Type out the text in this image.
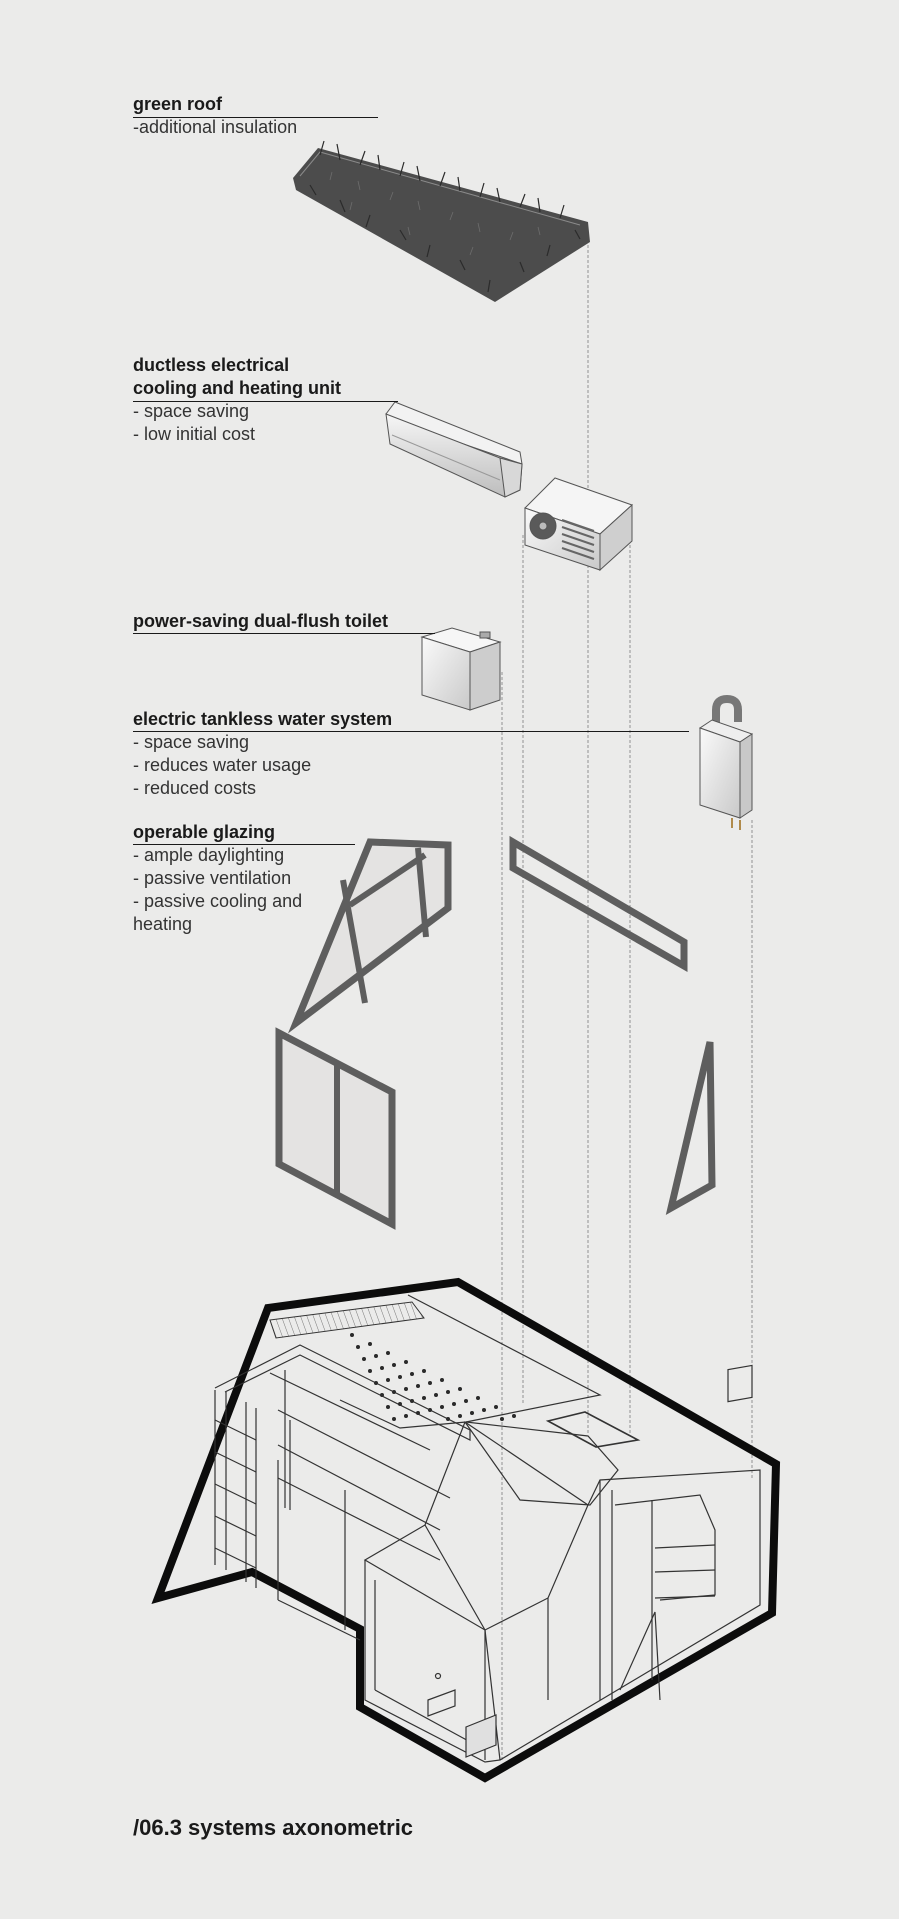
green roof
-additional insulation
ductless electrical
cooling and heating unit
- space saving
- low initial cost
power-saving dual-flush toilet
electric tankless water system
- space saving
- reduces water usage
- reduced costs
operable glazing
- ample daylighting
- passive ventilation
- passive cooling and
heating
/06.3 systems axonometric
